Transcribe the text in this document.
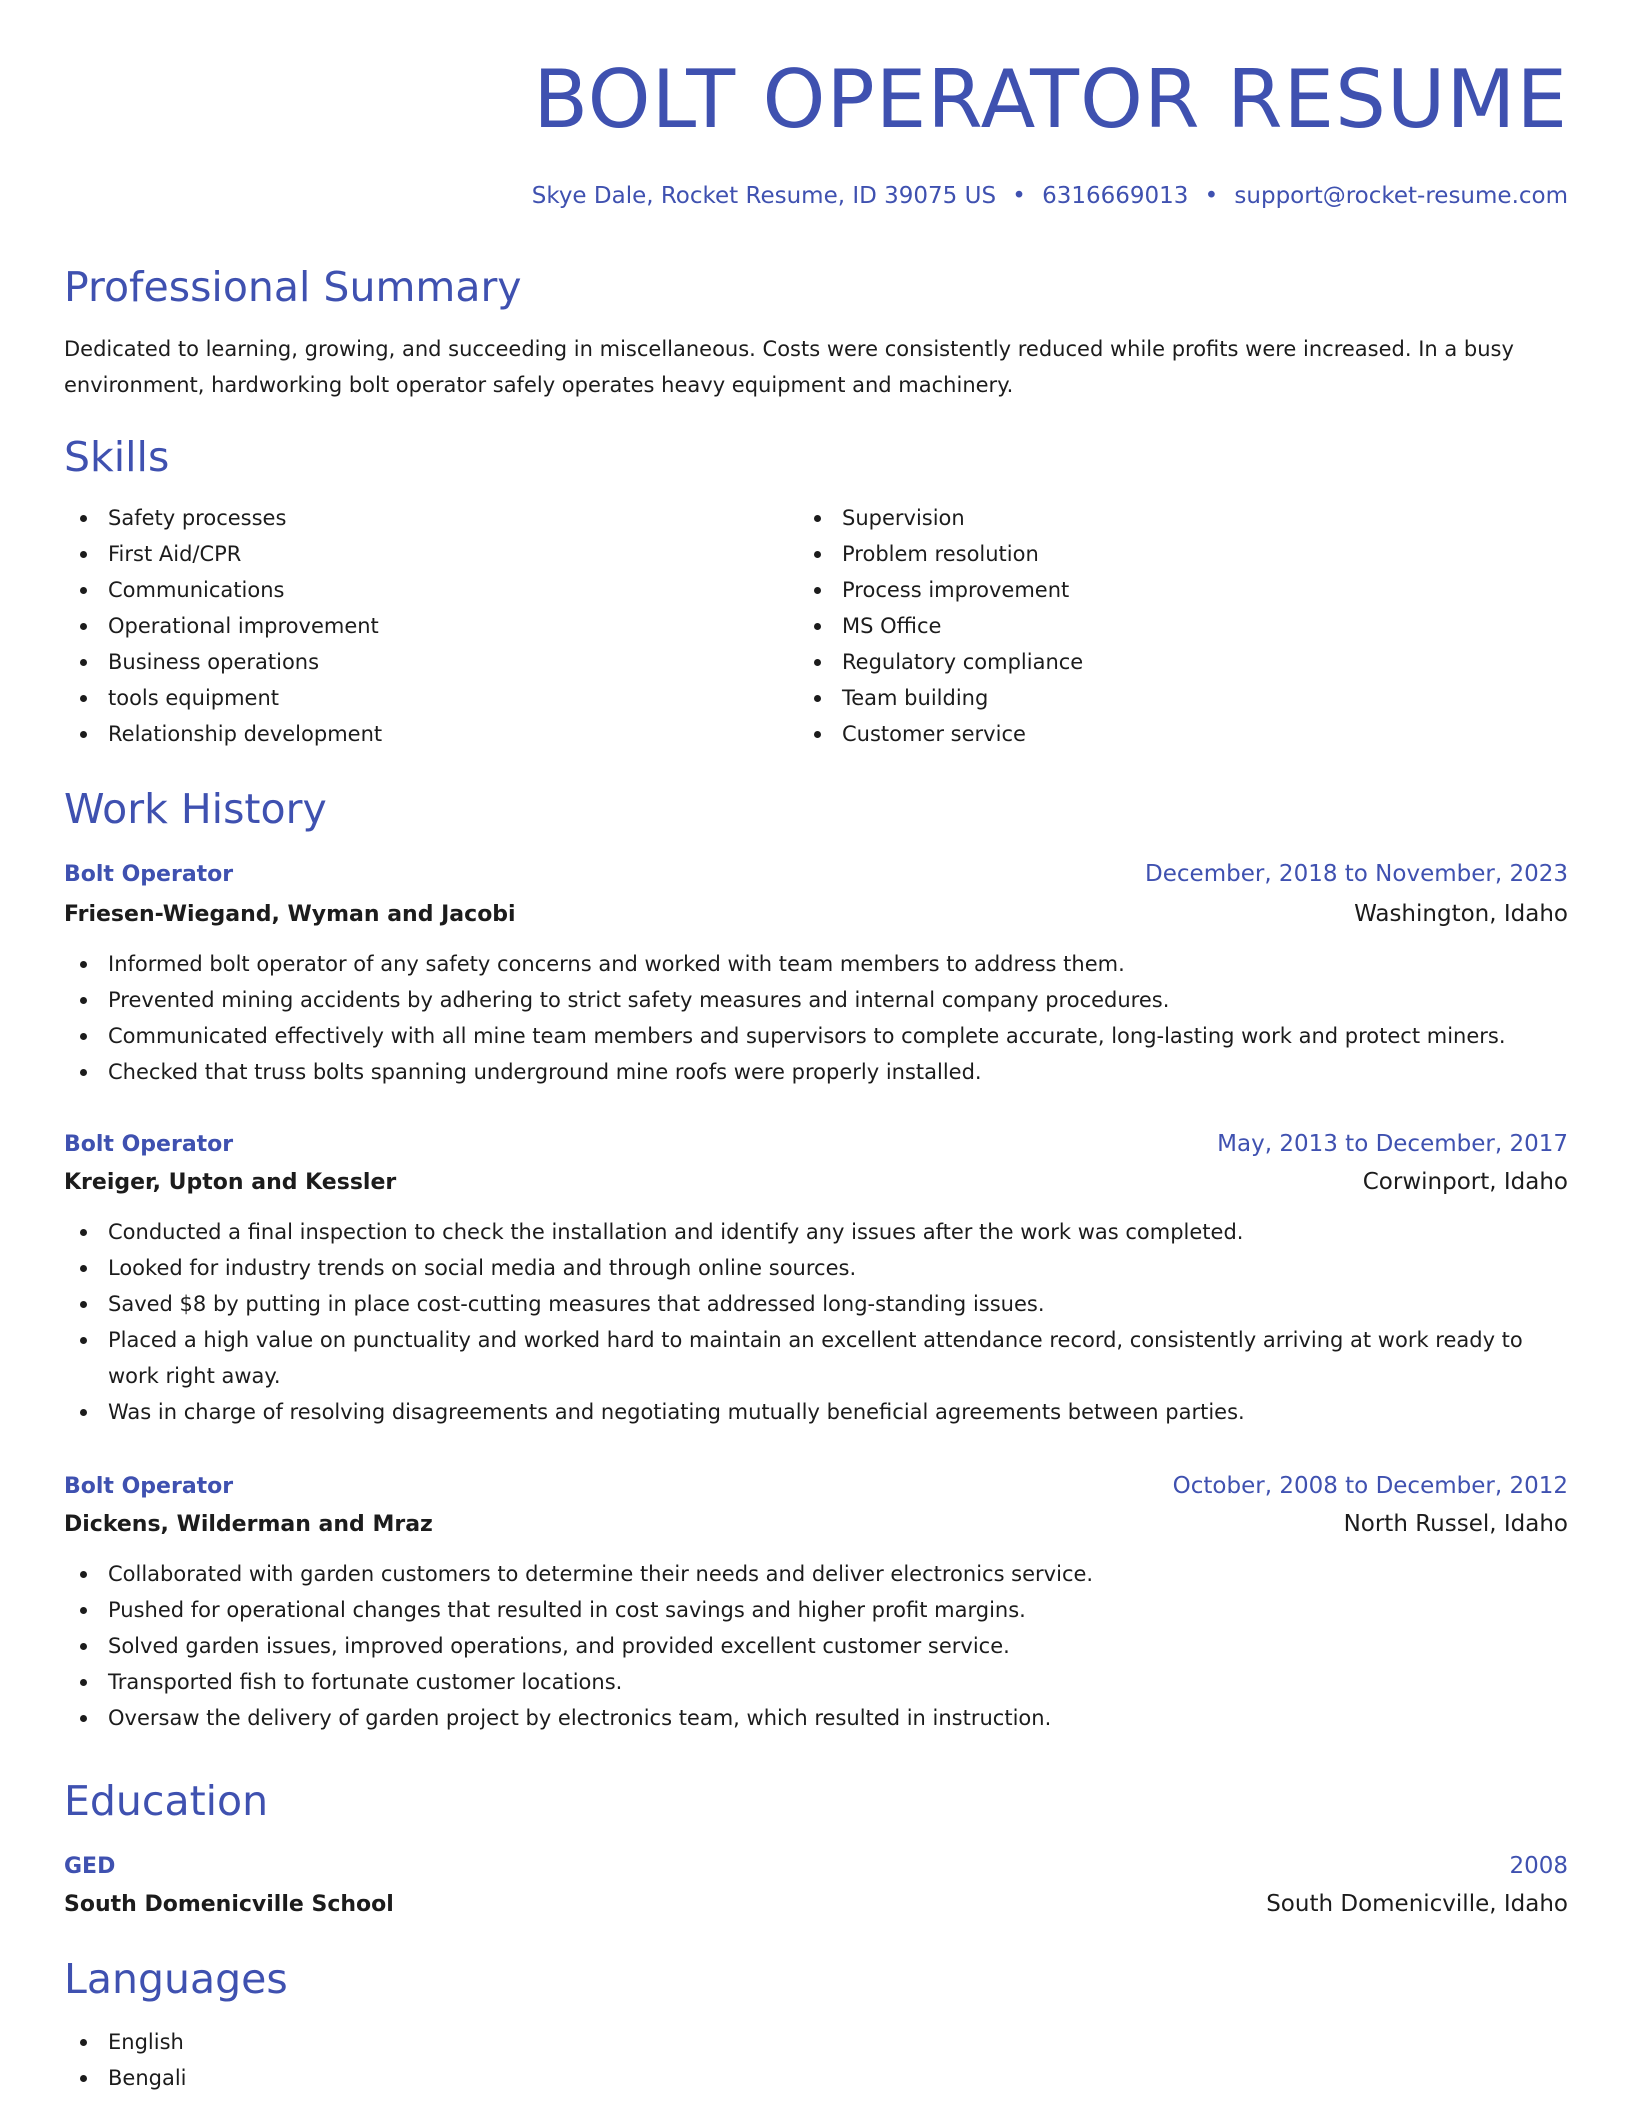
BOLT OPERATOR RESUME
Skye Dale, Rocket Resume, ID 39075 US • 6316669013 • support@rocket-resume.com
Professional Summary

Dedicated to learning, growing, and succeeding in miscellaneous. Costs were consistently reduced while profits were increased. In a busy environment, hardworking bolt operator safely operates heavy equipment and machinery.

Skills
Safety processes
First Aid/CPR
Communications
Operational improvement
Business operations
tools equipment
Relationship development
Supervision
Problem resolution
Process improvement
MS Office
Regulatory compliance
Team building
Customer service
Work History
Bolt Operator	December, 2018 to November, 2023
Friesen-Wiegand, Wyman and Jacobi	Washington, Idaho
Informed bolt operator of any safety concerns and worked with team members to address them.
Prevented mining accidents by adhering to strict safety measures and internal company procedures.
Communicated effectively with all mine team members and supervisors to complete accurate, long-lasting work and protect miners.
Checked that truss bolts spanning underground mine roofs were properly installed.
Bolt Operator	May, 2013 to December, 2017
Kreiger, Upton and Kessler	Corwinport, Idaho
Conducted a final inspection to check the installation and identify any issues after the work was completed.
Looked for industry trends on social media and through online sources.
Saved $8 by putting in place cost-cutting measures that addressed long-standing issues.
Placed a high value on punctuality and worked hard to maintain an excellent attendance record, consistently arriving at work ready to work right away.
Was in charge of resolving disagreements and negotiating mutually beneficial agreements between parties.
Bolt Operator	October, 2008 to December, 2012
Dickens, Wilderman and Mraz	North Russel, Idaho
Collaborated with garden customers to determine their needs and deliver electronics service.
Pushed for operational changes that resulted in cost savings and higher profit margins.
Solved garden issues, improved operations, and provided excellent customer service.
Transported fish to fortunate customer locations.
Oversaw the delivery of garden project by electronics team, which resulted in instruction.
Education
GED	2008
South Domenicville School	South Domenicville, Idaho
Languages
English
Bengali
